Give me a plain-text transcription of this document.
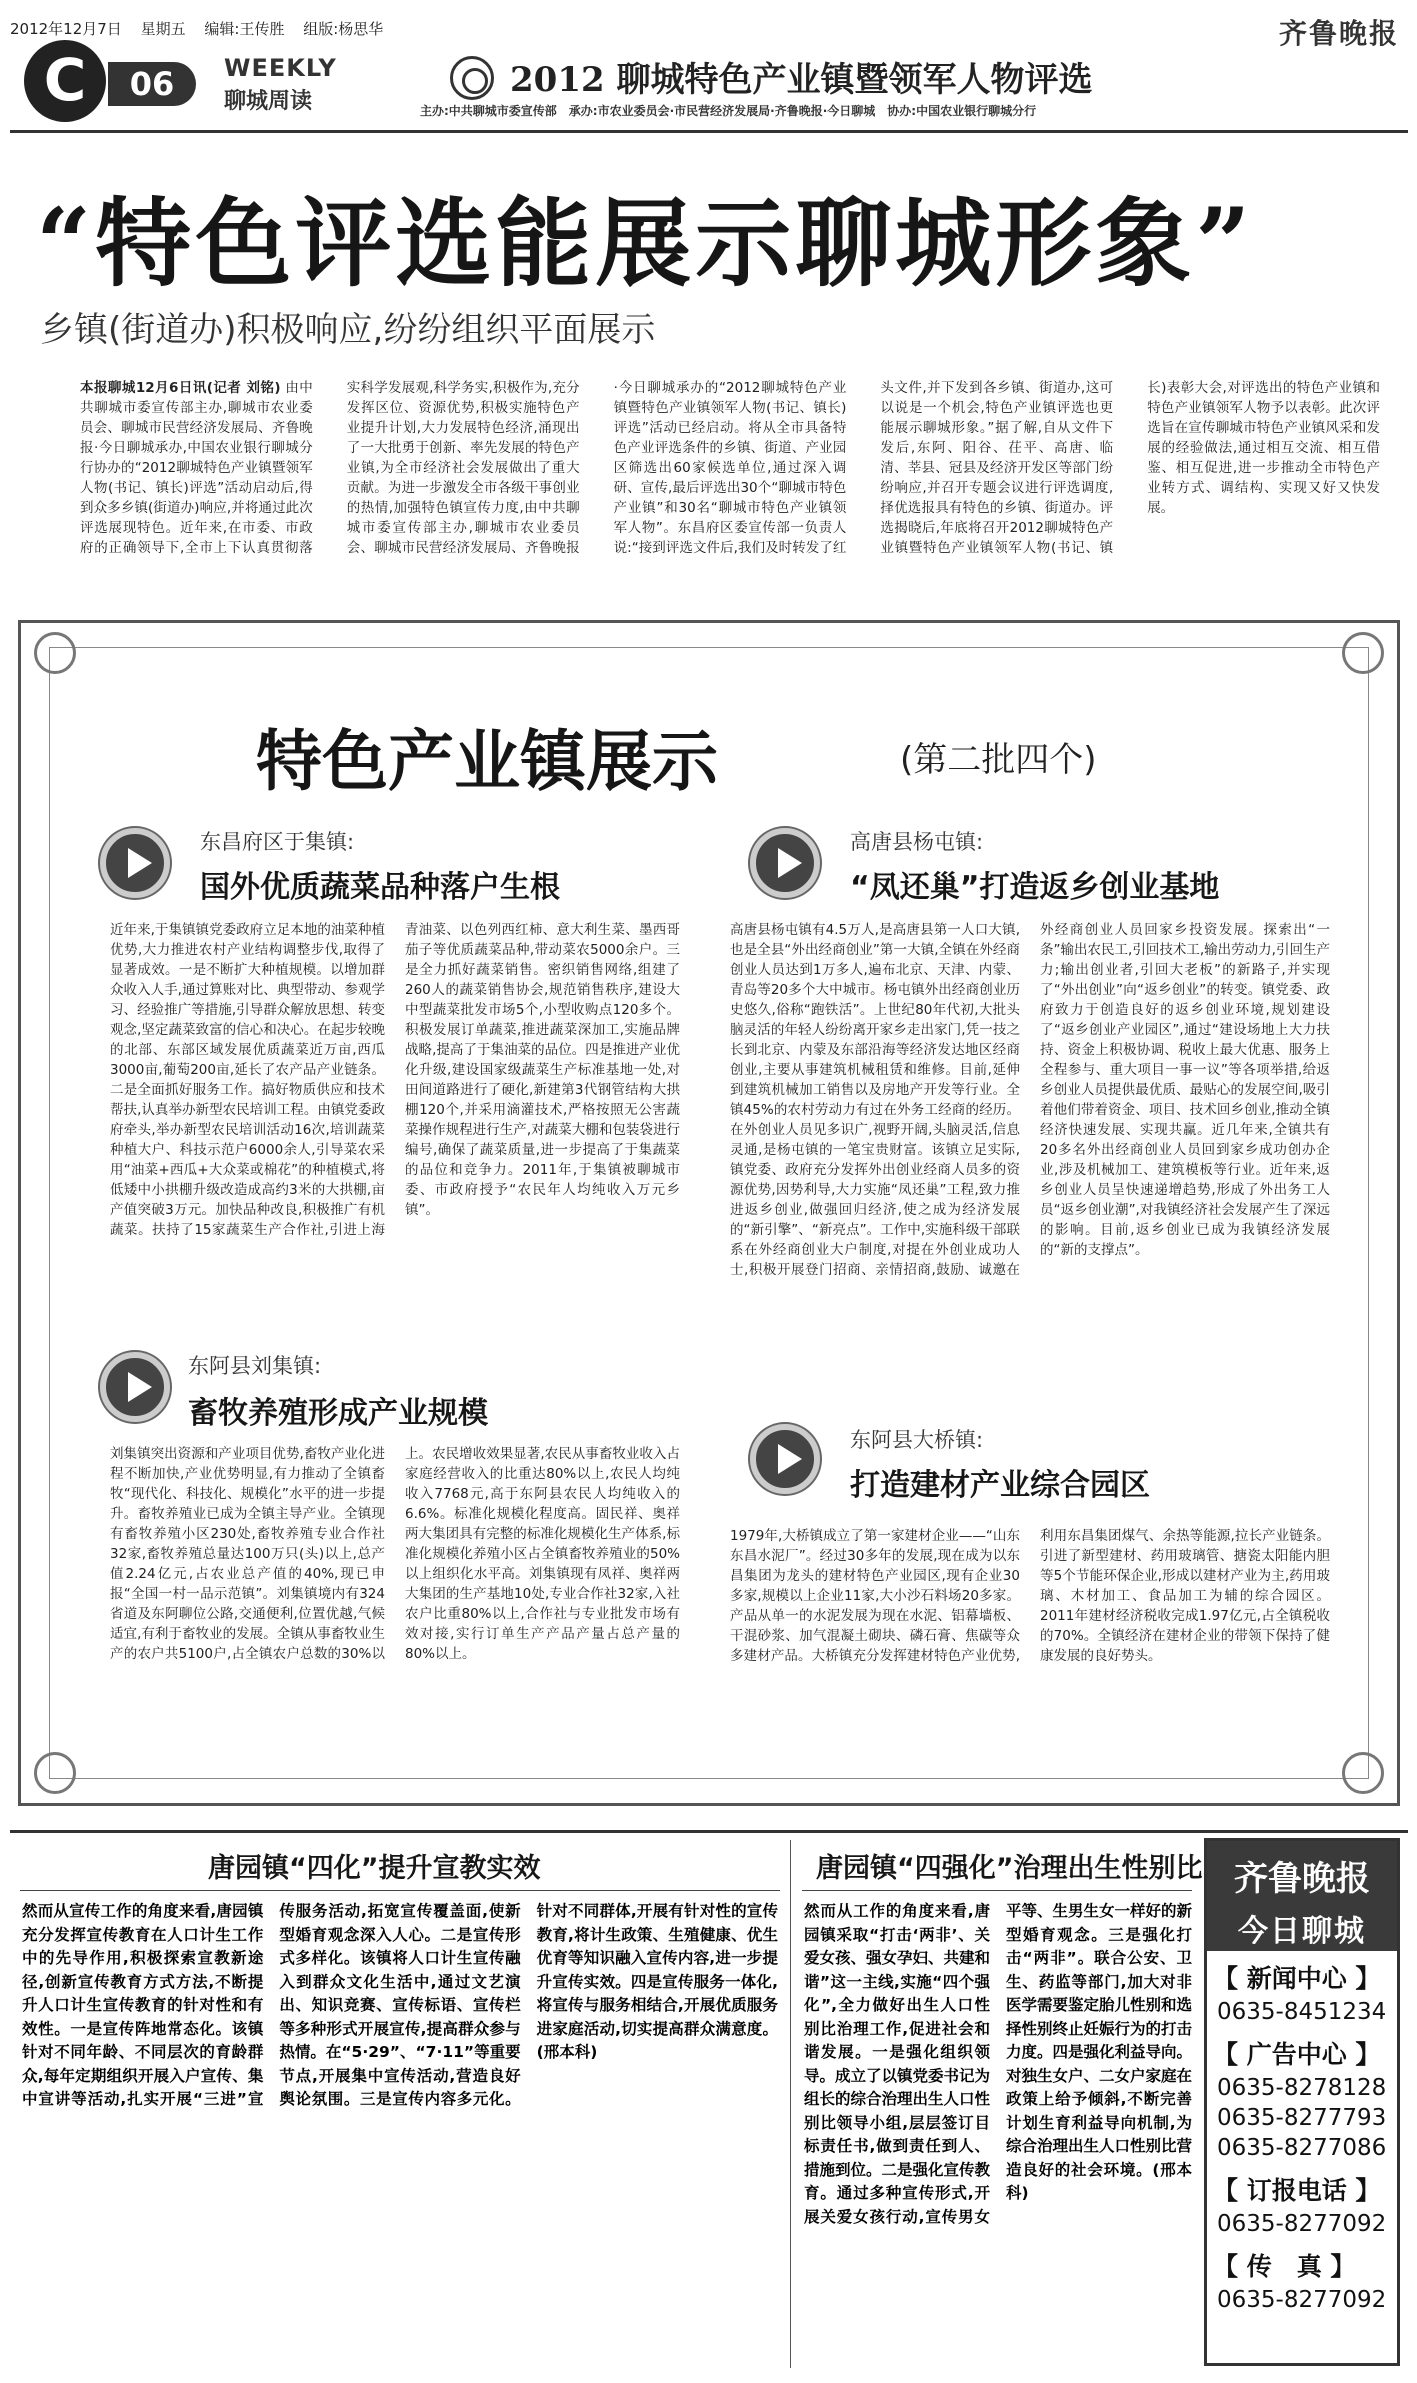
2012年12月7日 星期五 编辑:王传胜 组版:杨思华	齐鲁晚报
C	06	WEEKLY
聊城周读
2012 聊城特色产业镇暨领军人物评选
主办:中共聊城市委宣传部　承办:市农业委员会·市民营经济发展局·齐鲁晚报·今日聊城　协办:中国农业银行聊城分行
“特色评选能展示聊城形象”
乡镇(街道办)积极响应,纷纷组织平面展示
本报聊城12月6日讯(记者 刘铭) 由中共聊城市委宣传部主办,聊城市农业委员会、聊城市民营经济发展局、齐鲁晚报·今日聊城承办,中国农业银行聊城分行协办的“2012聊城特色产业镇暨领军人物(书记、镇长)评选”活动启动后,得到众多乡镇(街道办)响应,并将通过此次评选展现特色。近年来,在市委、市政府的正确领导下,全市上下认真贯彻落实科学发展观,科学务实,积极作为,充分发挥区位、资源优势,积极实施特色产业提升计划,大力发展特色经济,涌现出了一大批勇于创新、率先发展的特色产业镇,为全市经济社会发展做出了重大贡献。为进一步激发全市各级干事创业的热情,加强特色镇宣传力度,由中共聊城市委宣传部主办,聊城市农业委员会、聊城市民营经济发展局、齐鲁晚报·今日聊城承办的“2012聊城特色产业镇暨特色产业镇领军人物(书记、镇长)评选”活动已经启动。将从全市具备特色产业评选条件的乡镇、街道、产业园区筛选出60家候选单位,通过深入调研、宣传,最后评选出30个“聊城市特色产业镇”和30名“聊城市特色产业镇领军人物”。东昌府区委宣传部一负责人说:“接到评选文件后,我们及时转发了红头文件,并下发到各乡镇、街道办,这可以说是一个机会,特色产业镇评选也更能展示聊城形象。”据了解,自从文件下发后,东阿、阳谷、茌平、高唐、临清、莘县、冠县及经济开发区等部门纷纷响应,并召开专题会议进行评选调度,择优选报具有特色的乡镇、街道办。评选揭晓后,年底将召开2012聊城特色产业镇暨特色产业镇领军人物(书记、镇长)表彰大会,对评选出的特色产业镇和特色产业镇领军人物予以表彰。此次评选旨在宣传聊城市特色产业镇风采和发展的经验做法,通过相互交流、相互借鉴、相互促进,进一步推动全市特色产业转方式、调结构、实现又好又快发展。
特色产业镇展示	(第二批四个)
东昌府区于集镇:
国外优质蔬菜品种落户生根
近年来,于集镇镇党委政府立足本地的油菜种植优势,大力推进农村产业结构调整步伐,取得了显著成效。一是不断扩大种植规模。以增加群众收入人手,通过算账对比、典型带动、参观学习、经验推广等措施,引导群众解放思想、转变观念,坚定蔬菜致富的信心和决心。在起步较晚的北部、东部区域发展优质蔬菜近万亩,西瓜3000亩,葡萄200亩,延长了农产品产业链条。二是全面抓好服务工作。搞好物质供应和技术帮扶,认真举办新型农民培训工程。由镇党委政府牵头,举办新型农民培训活动16次,培训蔬菜种植大户、科技示范户6000余人,引导菜农采用“油菜+西瓜+大众菜或棉花”的种植模式,将低矮中小拱棚升级改造成高约3米的大拱棚,亩产值突破3万元。加快品种改良,积极推广有机蔬菜。扶持了15家蔬菜生产合作社,引进上海青油菜、以色列西红柿、意大利生菜、墨西哥茄子等优质蔬菜品种,带动菜农5000余户。三是全力抓好蔬菜销售。密织销售网络,组建了260人的蔬菜销售协会,规范销售秩序,建设大中型蔬菜批发市场5个,小型收购点120多个。积极发展订单蔬菜,推进蔬菜深加工,实施品牌战略,提高了于集油菜的品位。四是推进产业优化升级,建设国家级蔬菜生产标准基地一处,对田间道路进行了硬化,新建第3代钢管结构大拱棚120个,并采用滴灌技术,严格按照无公害蔬菜操作规程进行生产,对蔬菜大棚和包装袋进行编号,确保了蔬菜质量,进一步提高了于集蔬菜的品位和竞争力。2011年,于集镇被聊城市委、市政府授予“农民年人均纯收入万元乡镇”。
高唐县杨屯镇:
“凤还巢”打造返乡创业基地
高唐县杨屯镇有4.5万人,是高唐县第一人口大镇,也是全县“外出经商创业”第一大镇,全镇在外经商创业人员达到1万多人,遍布北京、天津、内蒙、青岛等20多个大中城市。杨屯镇外出经商创业历史悠久,俗称“跑铁活”。上世纪80年代初,大批头脑灵活的年轻人纷纷离开家乡走出家门,凭一技之长到北京、内蒙及东部沿海等经济发达地区经商创业,主要从事建筑机械租赁和维修。目前,延伸到建筑机械加工销售以及房地产开发等行业。全镇45%的农村劳动力有过在外务工经商的经历。在外创业人员见多识广,视野开阔,头脑灵活,信息灵通,是杨屯镇的一笔宝贵财富。该镇立足实际,镇党委、政府充分发挥外出创业经商人员多的资源优势,因势利导,大力实施“凤还巢”工程,致力推进返乡创业,做强回归经济,使之成为经济发展的“新引擎”、“新亮点”。工作中,实施科级干部联系在外经商创业大户制度,对提在外创业成功人士,积极开展登门招商、亲情招商,鼓励、诚邀在外经商创业人员回家乡投资发展。探索出“一条”输出农民工,引回技术工,输出劳动力,引回生产力;输出创业者,引回大老板”的新路子,并实现了“外出创业”向“返乡创业”的转变。镇党委、政府致力于创造良好的返乡创业环境,规划建设了“返乡创业产业园区”,通过“建设场地上大力扶持、资金上积极协调、税收上最大优惠、服务上全程参与、重大项目一事一议”等各项举措,给返乡创业人员提供最优质、最贴心的发展空间,吸引着他们带着资金、项目、技术回乡创业,推动全镇经济快速发展、实现共赢。近几年来,全镇共有20多名外出经商创业人员回到家乡成功创办企业,涉及机械加工、建筑模板等行业。近年来,返乡创业人员呈快速递增趋势,形成了外出务工人员“返乡创业潮”,对我镇经济社会发展产生了深远的影响。目前,返乡创业已成为我镇经济发展的“新的支撑点”。
东阿县刘集镇:
畜牧养殖形成产业规模
刘集镇突出资源和产业项目优势,畜牧产业化进程不断加快,产业优势明显,有力推动了全镇畜牧“现代化、科技化、规模化”水平的进一步提升。畜牧养殖业已成为全镇主导产业。全镇现有畜牧养殖小区230处,畜牧养殖专业合作社32家,畜牧养殖总量达100万只(头)以上,总产值2.24亿元,占农业总产值的40%,现已申报“全国一村一品示范镇”。刘集镇境内有324省道及东阿聊位公路,交通便利,位置优越,气候适宜,有利于畜牧业的发展。全镇从事畜牧业生产的农户共5100户,占全镇农户总数的30%以上。农民增收效果显著,农民从事畜牧业收入占家庭经营收入的比重达80%以上,农民人均纯收入7768元,高于东阿县农民人均纯收入的6.6%。标准化规模化程度高。固民祥、奥祥两大集团具有完整的标准化规模化生产体系,标准化规模化养殖小区占全镇畜牧养殖业的50%以上组织化水平高。刘集镇现有凤祥、奥祥两大集团的生产基地10处,专业合作社32家,入社农户比重80%以上,合作社与专业批发市场有效对接,实行订单生产产品产量占总产量的80%以上。
东阿县大桥镇:
打造建材产业综合园区
1979年,大桥镇成立了第一家建材企业——“山东东昌水泥厂”。经过30多年的发展,现在成为以东昌集团为龙头的建材特色产业园区,现有企业30多家,规模以上企业11家,大小沙石料场20多家。产品从单一的水泥发展为现在水泥、铝幕墙板、干混砂浆、加气混凝土砌块、磷石膏、焦碳等众多建材产品。大桥镇充分发挥建材特色产业优势,利用东昌集团煤气、余热等能源,拉长产业链条。引进了新型建材、药用玻璃管、搪瓷太阳能内胆等5个节能环保企业,形成以建材产业为主,药用玻璃、木材加工、食品加工为辅的综合园区。2011年建材经济税收完成1.97亿元,占全镇税收的70%。全镇经济在建材企业的带领下保持了健康发展的良好势头。
唐园镇“四化”提升宣教实效
然而从宣传工作的角度来看,唐园镇充分发挥宣传教育在人口计生工作中的先导作用,积极探索宣教新途径,创新宣传教育方式方法,不断提升人口计生宣传教育的针对性和有效性。一是宣传阵地常态化。该镇针对不同年龄、不同层次的育龄群众,每年定期组织开展入户宣传、集中宣讲等活动,扎实开展“三进”宣传服务活动,拓宽宣传覆盖面,使新型婚育观念深入人心。二是宣传形式多样化。该镇将人口计生宣传融入到群众文化生活中,通过文艺演出、知识竞赛、宣传标语、宣传栏等多种形式开展宣传,提高群众参与热情。在“5·29”、“7·11”等重要节点,开展集中宣传活动,营造良好舆论氛围。三是宣传内容多元化。针对不同群体,开展有针对性的宣传教育,将计生政策、生殖健康、优生优育等知识融入宣传内容,进一步提升宣传实效。四是宣传服务一体化,将宣传与服务相结合,开展优质服务进家庭活动,切实提高群众满意度。(邢本科)
唐园镇“四强化”治理出生性别比
然而从工作的角度来看,唐园镇采取“打击‘两非’、关爱女孩、强女孕妇、共建和谐”这一主线,实施“四个强化”,全力做好出生人口性别比治理工作,促进社会和谐发展。一是强化组织领导。成立了以镇党委书记为组长的综合治理出生人口性别比领导小组,层层签订目标责任书,做到责任到人、措施到位。二是强化宣传教育。通过多种宣传形式,开展关爱女孩行动,宣传男女平等、生男生女一样好的新型婚育观念。三是强化打击“两非”。联合公安、卫生、药监等部门,加大对非医学需要鉴定胎儿性别和选择性别终止妊娠行为的打击力度。四是强化利益导向。对独生女户、二女户家庭在政策上给予倾斜,不断完善计划生育利益导向机制,为综合治理出生人口性别比营造良好的社会环境。(邢本科)
齐鲁晚报
今日聊城
【 新闻中心 】
0635-8451234
【 广告中心 】
0635-8278128
0635-8277793
0635-8277086
【 订报电话 】
0635-8277092
【 传　真 】
0635-8277092
